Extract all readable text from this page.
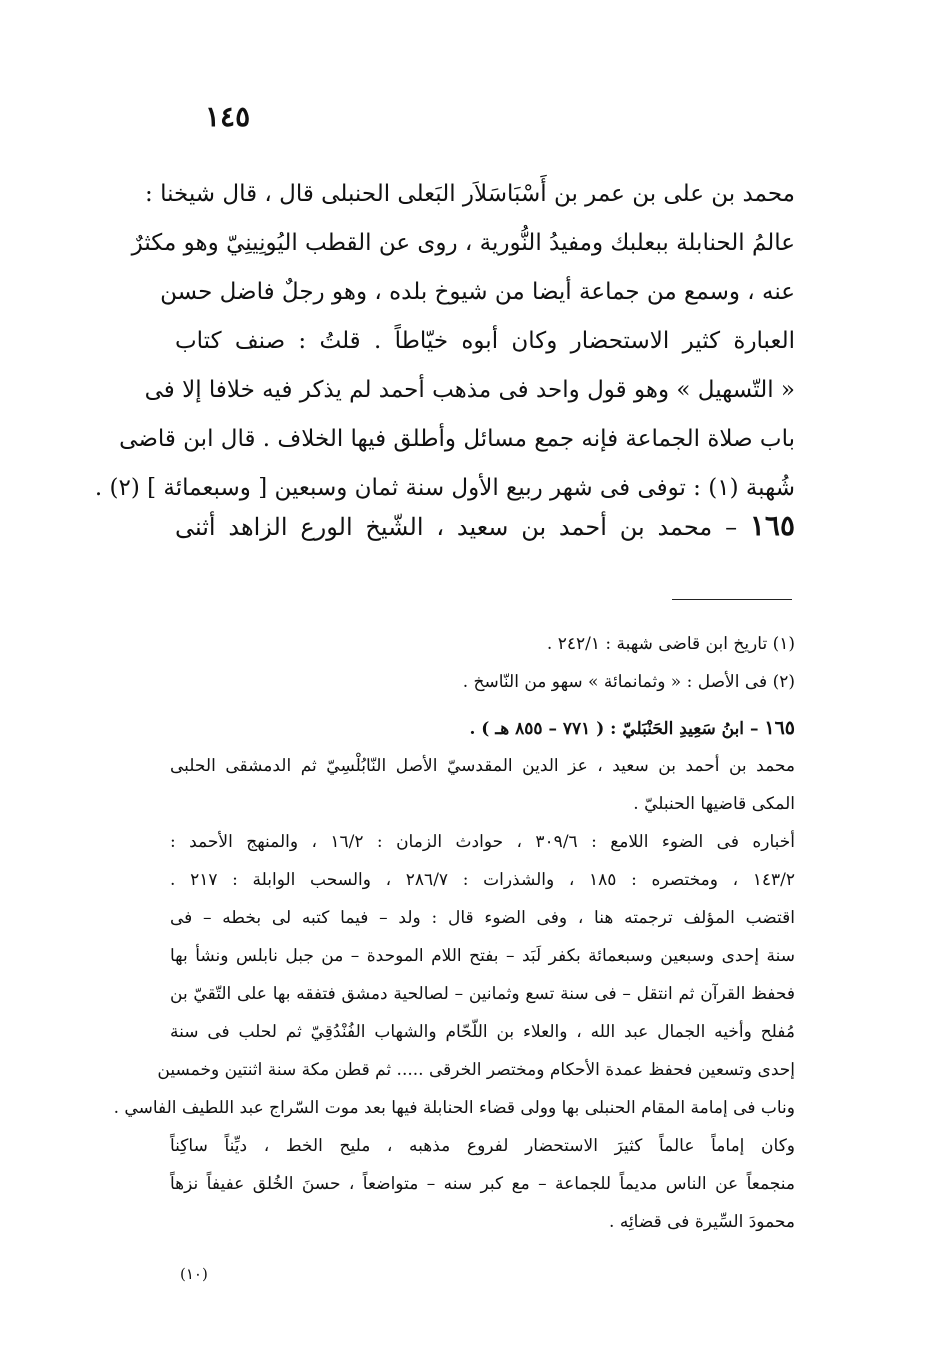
١٤٥
محمد بن على بن عمر بن أَسْبَاسَلاَر البَعلى الحنبلى قال ، قال شيخنا :
عالمُ الحنابلة ببعلبك ومفيدُ النُّورية ، روى عن القطب اليُونِينِيّ وهو مكثرٌ
عنه ، وسمع من جماعة أيضا من شيوخ بلده ، وهو رجلٌ فاضل حسن
العبارة كثير الاستحضار وكان أبوه خيّاطاً . قلتُ : صنف كتاب
« التّسهيل » وهو قول واحد فى مذهب أحمد لم يذكر فيه خلافا إلا فى
باب صلاة الجماعة فإنه جمع مسائل وأطلق فيها الخلاف . قال ابن قاضى
شُهبة (١) : توفى فى شهر ربيع الأول سنة ثمان وسبعين [ وسبعمائة ] (٢) .
١٦٥ – محمد بن أحمد بن سعيد ، الشّيخ الورع الزاهد أثنى
(١) تاريخ ابن قاضى شهبة : ٢٤٢/١ .
(٢) فى الأصل : « وثمانمائة » سهو من النّاسخ .
١٦٥ – ابنُ سَعِيدِ الحَنْبَليّ : ( ٧٧١ – ٨٥٥ هـ ) .
محمد بن أحمد بن سعيد ، عز الدين المقدسيّ الأصل النّابُلْسِيّ ثم الدمشقى الحلبى
المكى قاضيها الحنبليّ .
أخباره فى الضوء اللامع : ٣٠٩/٦ ، حوادث الزمان : ١٦/٢ ، والمنهج الأحمد :
١٤٣/٢ ، ومختصره : ١٨٥ ، والشذرات : ٢٨٦/٧ ، والسحب الوابلة : ٢١٧ .
اقتضب المؤلف ترجمته هنا ، وفى الضوء قال : ولد – فيما كتبه لى بخطه – فى
سنة إحدى وسبعين وسبعمائة بكفر لَبَد – بفتح اللام الموحدة – من جبل نابلس ونشأ بها
فحفظ القرآن ثم انتقل – فى سنة تسع وثمانين – لصالحية دمشق فتفقه بها على التّقيّ بن
مُفلح وأخيه الجمال عبد الله ، والعلاء بن اللّحّام والشهاب الفُنْدُقِيّ ثم لحلب فى سنة
إحدى وتسعين فحفظ عمدة الأحكام ومختصر الخرقى ..... ثم قطن مكة سنة اثنتين وخمسين
وناب فى إمامة المقام الحنبلى بها وولى قضاء الحنابلة فيها بعد موت السّراج عبد اللطيف الفاسي .
وكان إماماً عالماً كثيرَ الاستحضار لفروع مذهبه ، مليح الخط ، ديِّناً ساكِناً
منجمعاً عن الناس مديماً للجماعة – مع كبر سنه – متواضعاً ، حسنَ الخُلق عفيفاً نزهاً
محمودَ السِّيرة فى قضائِه .
(١٠)
